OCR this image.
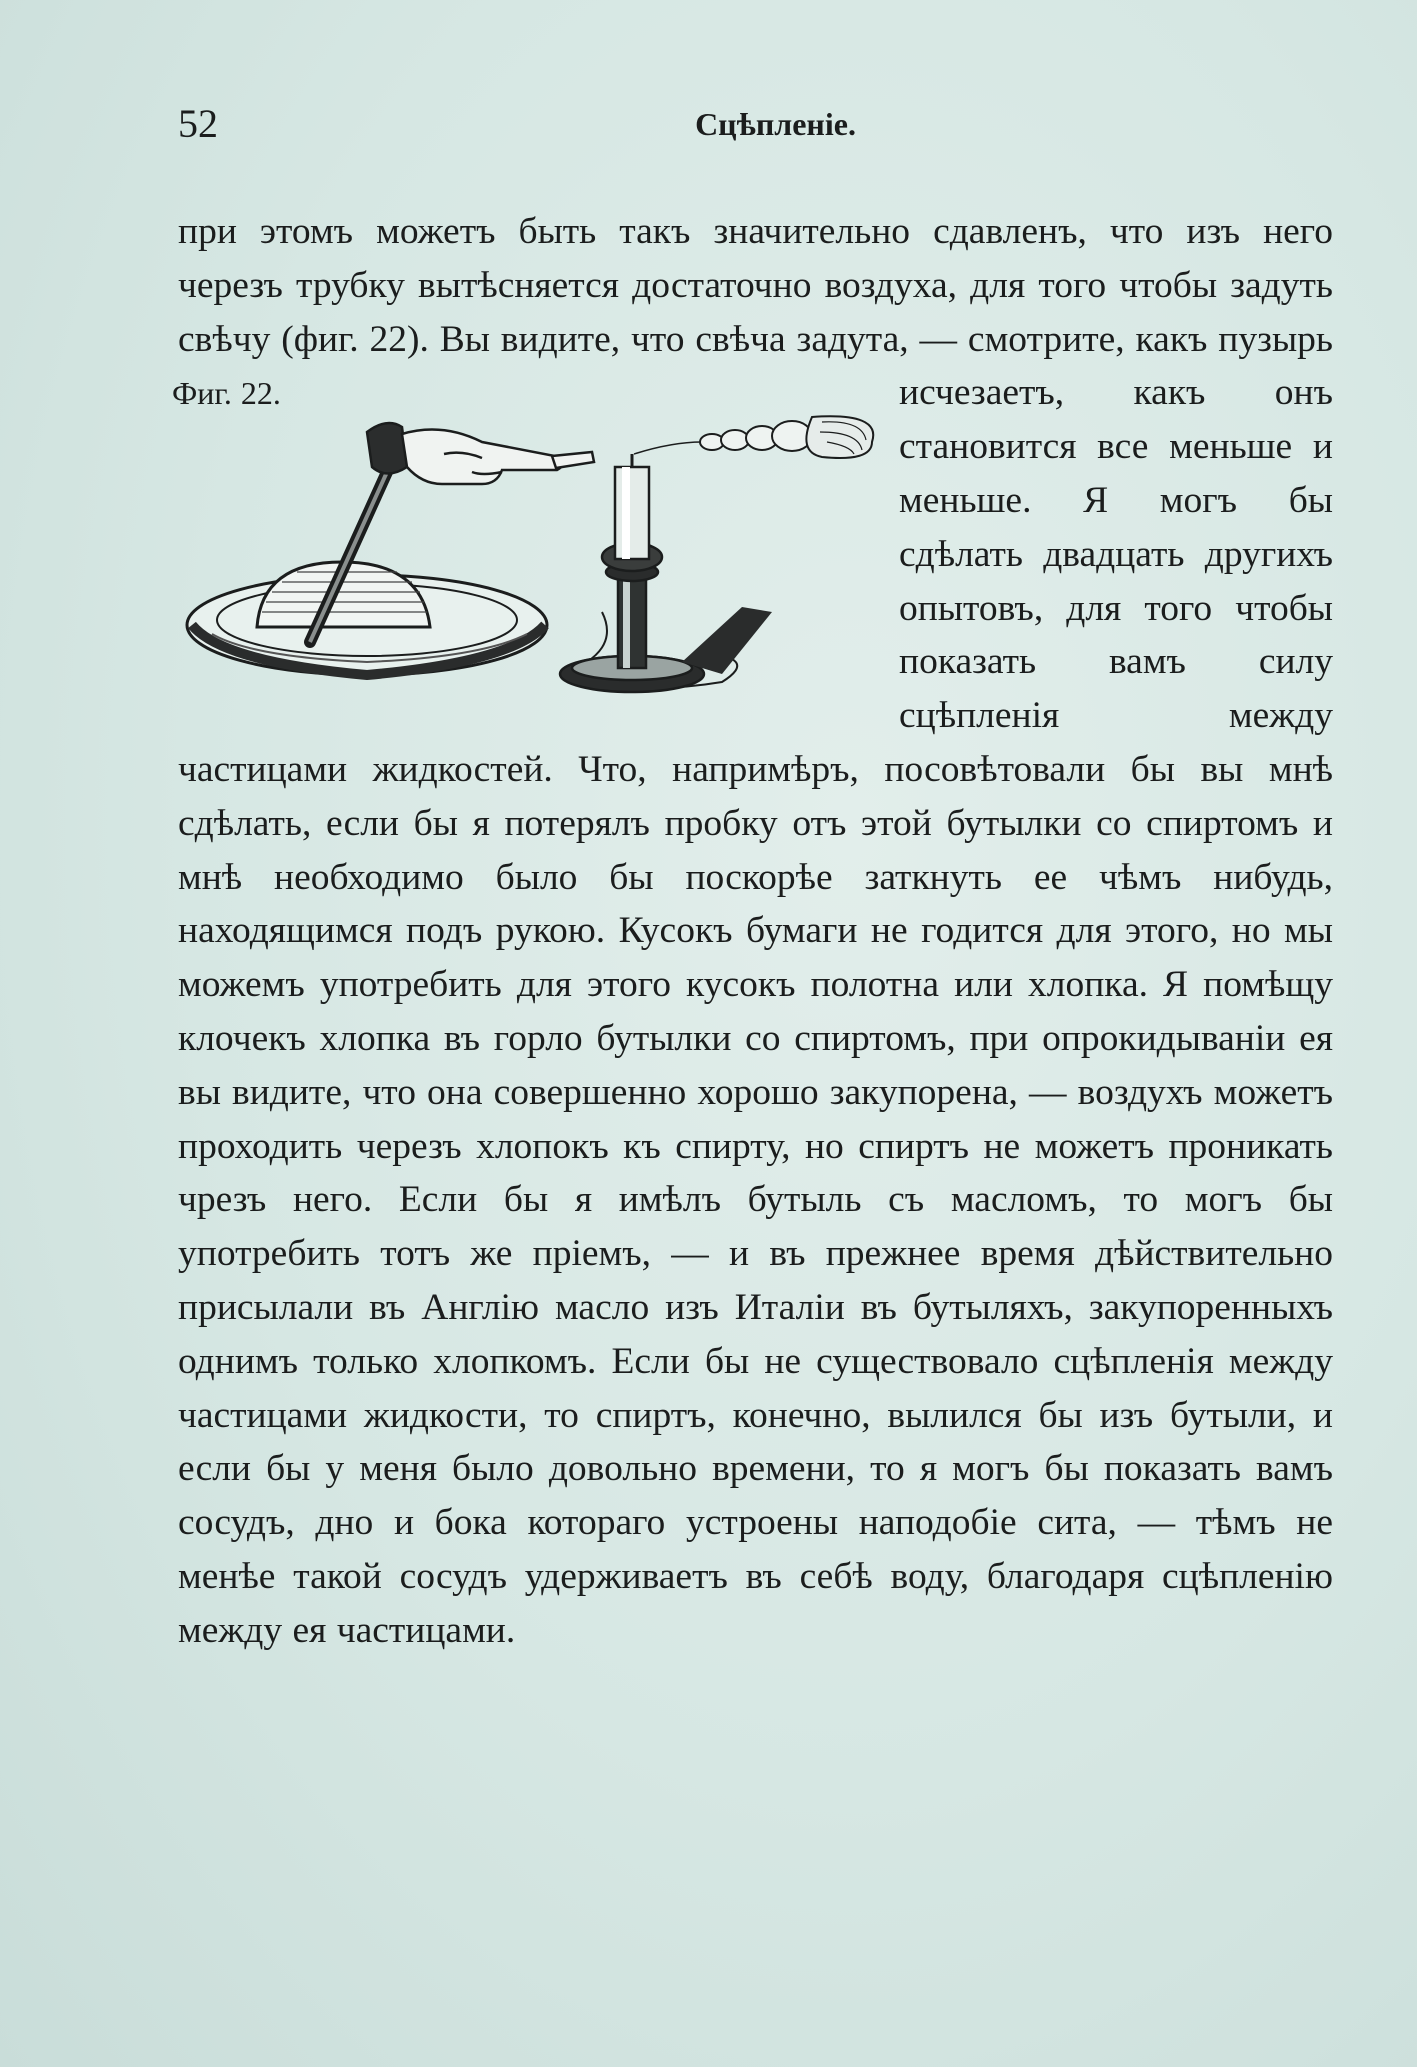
52	Сцѣпленіе.
при этомъ можетъ быть такъ значительно сдавленъ, что изъ него черезъ трубку вытѣсняется достаточно воздуха, для того чтобы задуть свѣчу (фиг. 22). Вы видите,
Фиг. 22.
что свѣча задута, — смотрите, какъ пузырь исчезаетъ, какъ онъ становится все меньше и меньше. Я могъ бы сдѣлать двадцать другихъ опытовъ, для того чтобы показать вамъ силу сцѣпленія между частицами жидкостей. Что, напримѣръ, посовѣтовали бы вы мнѣ сдѣлать, если бы я потерялъ пробку отъ этой бутылки со спиртомъ и мнѣ необходимо было бы поскорѣе заткнуть ее чѣмъ нибудь, находящимся подъ рукою. Кусокъ бумаги не годится для этого, но мы можемъ употребить для этого кусокъ полотна или хлопка. Я помѣщу клочекъ хлопка въ горло бутылки со спиртомъ, при опрокидываніи ея вы видите, что она совершенно хорошо закупорена, — воздухъ можетъ проходить черезъ хлопокъ къ спирту, но спиртъ не можетъ проникать чрезъ него. Если бы я имѣлъ бутыль съ масломъ, то могъ бы употребить тотъ же пріемъ, — и въ прежнее время дѣйствительно присылали въ Англію масло изъ Италіи въ бутыляхъ, закупоренныхъ однимъ только хлопкомъ. Если бы не существовало сцѣпленія между частицами жидкости, то спиртъ, конечно, вылился бы изъ бутыли, и если бы у меня было довольно времени, то я могъ бы показать вамъ сосудъ, дно и бока котораго устроены наподобіе сита, — тѣмъ не менѣе такой сосудъ удерживаетъ въ себѣ воду, благодаря сцѣпленію между ея частицами.
